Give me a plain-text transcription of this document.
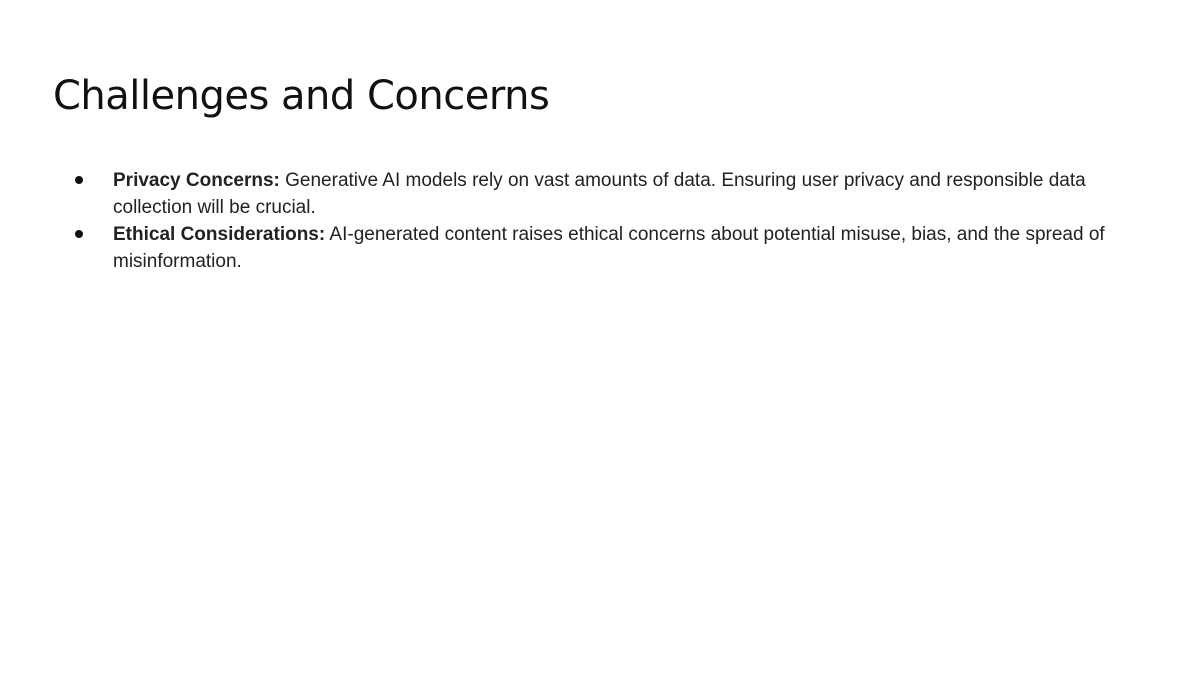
Challenges and Concerns
Privacy Concerns: Generative AI models rely on vast amounts of data. Ensuring user privacy and responsible data collection will be crucial.
Ethical Considerations: AI-generated content raises ethical concerns about potential misuse, bias, and the spread of misinformation.
